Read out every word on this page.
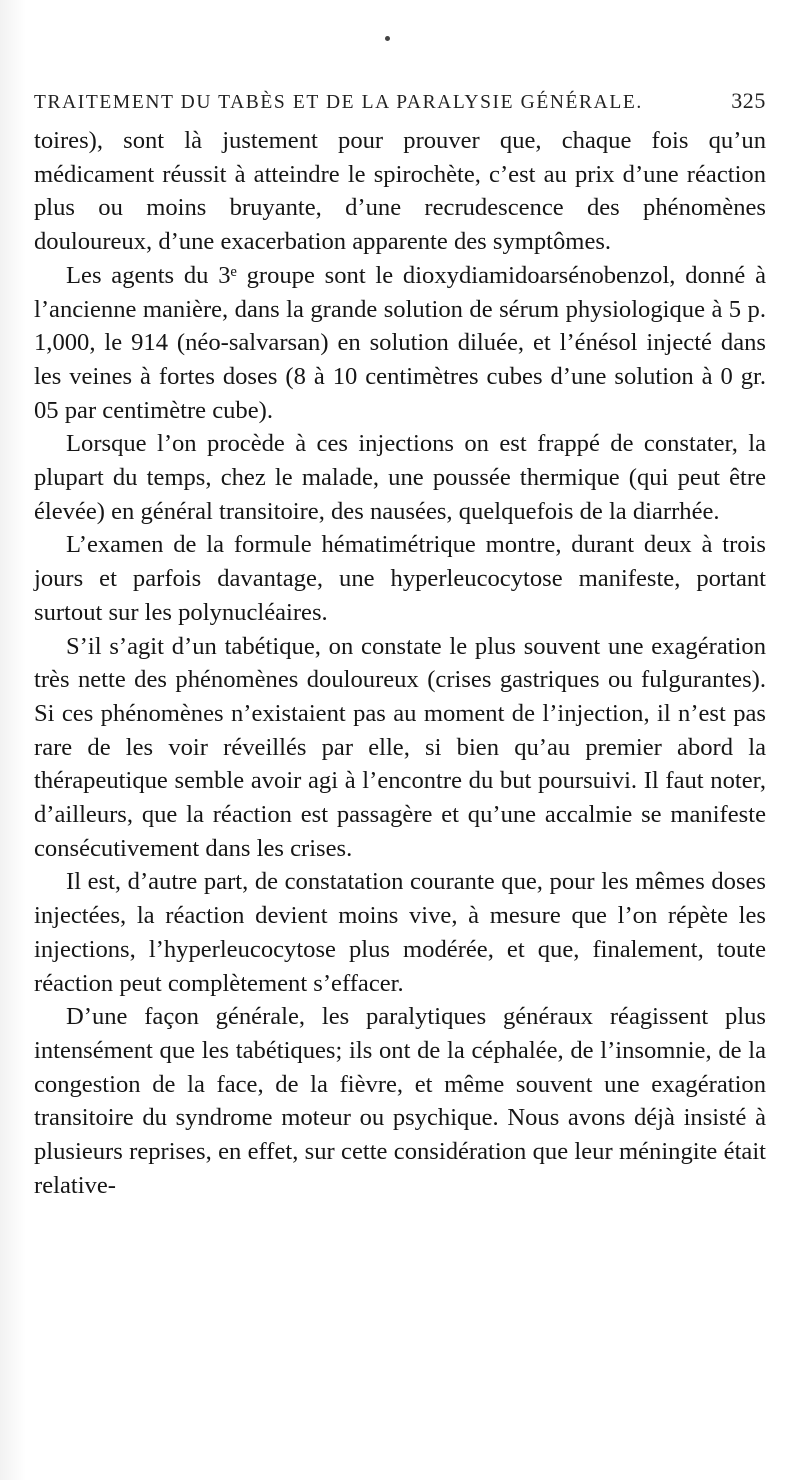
TRAITEMENT DU TABÈS ET DE LA PARALYSIE GÉNÉRALE.	325

toires), sont là justement pour prouver que, chaque fois qu’un médicament réussit à atteindre le spirochète, c’est au prix d’une réaction plus ou moins bruyante, d’une recrudescence des phénomènes douloureux, d’une exacerbation apparente des symptômes.

Les agents du 3ᵉ groupe sont le dioxydiamidoarsénobenzol, donné à l’ancienne manière, dans la grande solution de sérum physiologique à 5 p. 1,000, le 914 (néo-salvarsan) en solution diluée, et l’énésol injecté dans les veines à fortes doses (8 à 10 centimètres cubes d’une solution à 0 gr. 05 par centimètre cube).

Lorsque l’on procède à ces injections on est frappé de constater, la plupart du temps, chez le malade, une poussée thermique (qui peut être élevée) en général transitoire, des nausées, quelquefois de la diarrhée.

L’examen de la formule hématimétrique montre, durant deux à trois jours et parfois davantage, une hyperleucocytose manifeste, portant surtout sur les polynucléaires.

S’il s’agit d’un tabétique, on constate le plus souvent une exagération très nette des phénomènes douloureux (crises gastriques ou fulgurantes). Si ces phénomènes n’existaient pas au moment de l’injection, il n’est pas rare de les voir réveillés par elle, si bien qu’au premier abord la thérapeutique semble avoir agi à l’encontre du but poursuivi. Il faut noter, d’ailleurs, que la réaction est passagère et qu’une accalmie se manifeste consécutivement dans les crises.

Il est, d’autre part, de constatation courante que, pour les mêmes doses injectées, la réaction devient moins vive, à mesure que l’on répète les injections, l’hyperleucocytose plus modérée, et que, finalement, toute réaction peut complètement s’effacer.

D’une façon générale, les paralytiques généraux réagissent plus intensément que les tabétiques; ils ont de la céphalée, de l’insomnie, de la congestion de la face, de la fièvre, et même souvent une exagération transitoire du syndrome moteur ou psychique. Nous avons déjà insisté à plusieurs reprises, en effet, sur cette considération que leur méningite était relative-
